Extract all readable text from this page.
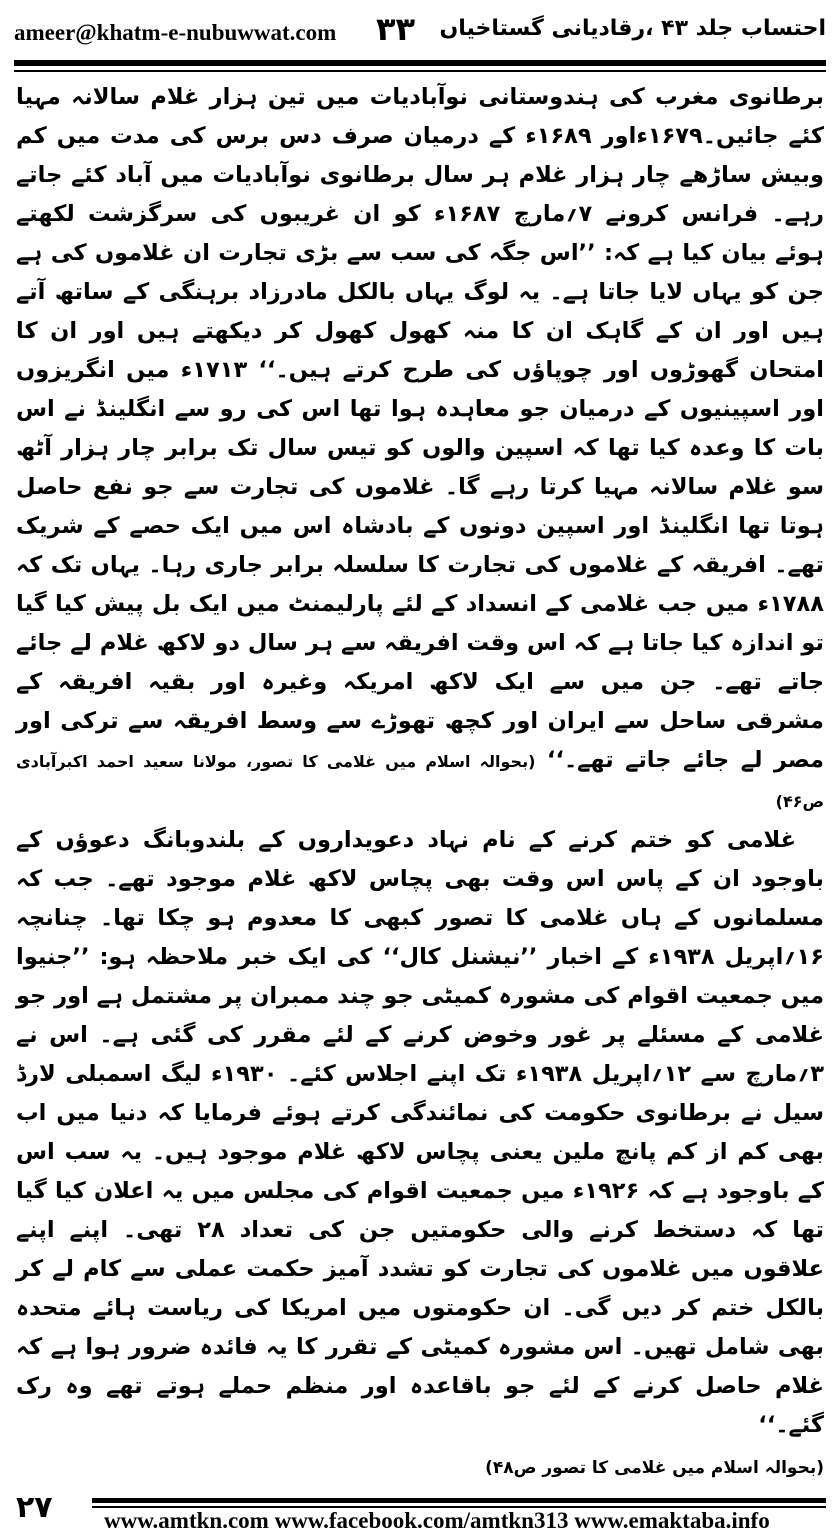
ameer@khatm-e-nubuwwat.com ۳۳ احتساب جلد ۴۳ ،رقادیانی گستاخیاں

برطانوی مغرب کی ہندوستانی نوآبادیات میں تین ہزار غلام سالانہ مہیا کئے جائیں۔۱۶۷۹ءاور ۱۶۸۹ء کے درمیان صرف دس برس کی مدت میں کم وبیش ساڑھے چار ہزار غلام ہر سال برطانوی نوآبادیات میں آباد کئے جاتے رہے۔ فرانس کرونے ۷؍مارچ ۱۶۸۷ء کو ان غریبوں کی سرگزشت لکھتے ہوئے بیان کیا ہے کہ: ’’اس جگہ کی سب سے بڑی تجارت ان غلاموں کی ہے جن کو یہاں لایا جاتا ہے۔ یہ لوگ یہاں بالکل مادرزاد برہنگی کے ساتھ آتے ہیں اور ان کے گاہک ان کا منہ کھول کھول کر دیکھتے ہیں اور ان کا امتحان گھوڑوں اور چوپاؤں کی طرح کرتے ہیں۔‘‘ ۱۷۱۳ء میں انگریزوں اور اسپینیوں کے درمیان جو معاہدہ ہوا تھا اس کی رو سے انگلینڈ نے اس بات کا وعدہ کیا تھا کہ اسپین والوں کو تیس سال تک برابر چار ہزار آٹھ سو غلام سالانہ مہیا کرتا رہے گا۔ غلاموں کی تجارت سے جو نفع حاصل ہوتا تھا انگلینڈ اور اسپین دونوں کے بادشاہ اس میں ایک حصے کے شریک تھے۔ افریقہ کے غلاموں کی تجارت کا سلسلہ برابر جاری رہا۔ یہاں تک کہ ۱۷۸۸ء میں جب غلامی کے انسداد کے لئے پارلیمنٹ میں ایک بل پیش کیا گیا تو اندازہ کیا جاتا ہے کہ اس وقت افریقہ سے ہر سال دو لاکھ غلام لے جائے جاتے تھے۔ جن میں سے ایک لاکھ امریکہ وغیرہ اور بقیہ افریقہ کے مشرقی ساحل سے ایران اور کچھ تھوڑے سے وسط افریقہ سے ترکی اور مصر لے جائے جاتے تھے۔‘‘ (بحوالہ اسلام میں غلامی کا تصور، مولانا سعید احمد اکبرآبادی ص۴۶)

غلامی کو ختم کرنے کے نام نہاد دعویداروں کے بلندوبانگ دعوؤں کے باوجود ان کے پاس اس وقت بھی پچاس لاکھ غلام موجود تھے۔ جب کہ مسلمانوں کے ہاں غلامی کا تصور کبھی کا معدوم ہو چکا تھا۔ چنانچہ ۱۶؍اپریل ۱۹۳۸ء کے اخبار ’’نیشنل کال‘‘ کی ایک خبر ملاحظہ ہو: ’’جنیوا میں جمعیت اقوام کی مشورہ کمیٹی جو چند ممبران پر مشتمل ہے اور جو غلامی کے مسئلے پر غور وخوض کرنے کے لئے مقرر کی گئی ہے۔ اس نے ۳؍مارچ سے ۱۲؍اپریل ۱۹۳۸ء تک اپنے اجلاس کئے۔ ۱۹۳۰ء لیگ اسمبلی لارڈ سیل نے برطانوی حکومت کی نمائندگی کرتے ہوئے فرمایا کہ دنیا میں اب بھی کم از کم پانچ ملین یعنی پچاس لاکھ غلام موجود ہیں۔ یہ سب اس کے باوجود ہے کہ ۱۹۲۶ء میں جمعیت اقوام کی مجلس میں یہ اعلان کیا گیا تھا کہ دستخط کرنے والی حکومتیں جن کی تعداد ۲۸ تھی۔ اپنے اپنے علاقوں میں غلاموں کی تجارت کو تشدد آمیز حکمت عملی سے کام لے کر بالکل ختم کر دیں گی۔ ان حکومتوں میں امریکا کی ریاست ہائے متحدہ بھی شامل تھیں۔ اس مشورہ کمیٹی کے تقرر کا یہ فائدہ ضرور ہوا ہے کہ غلام حاصل کرنے کے لئے جو باقاعدہ اور منظم حملے ہوتے تھے وہ رک گئے۔‘‘

(بحوالہ اسلام میں غلامی کا تصور ص۴۸)

۲۷ www.amtkn.com www.facebook.com/amtkn313 www.emaktaba.info
